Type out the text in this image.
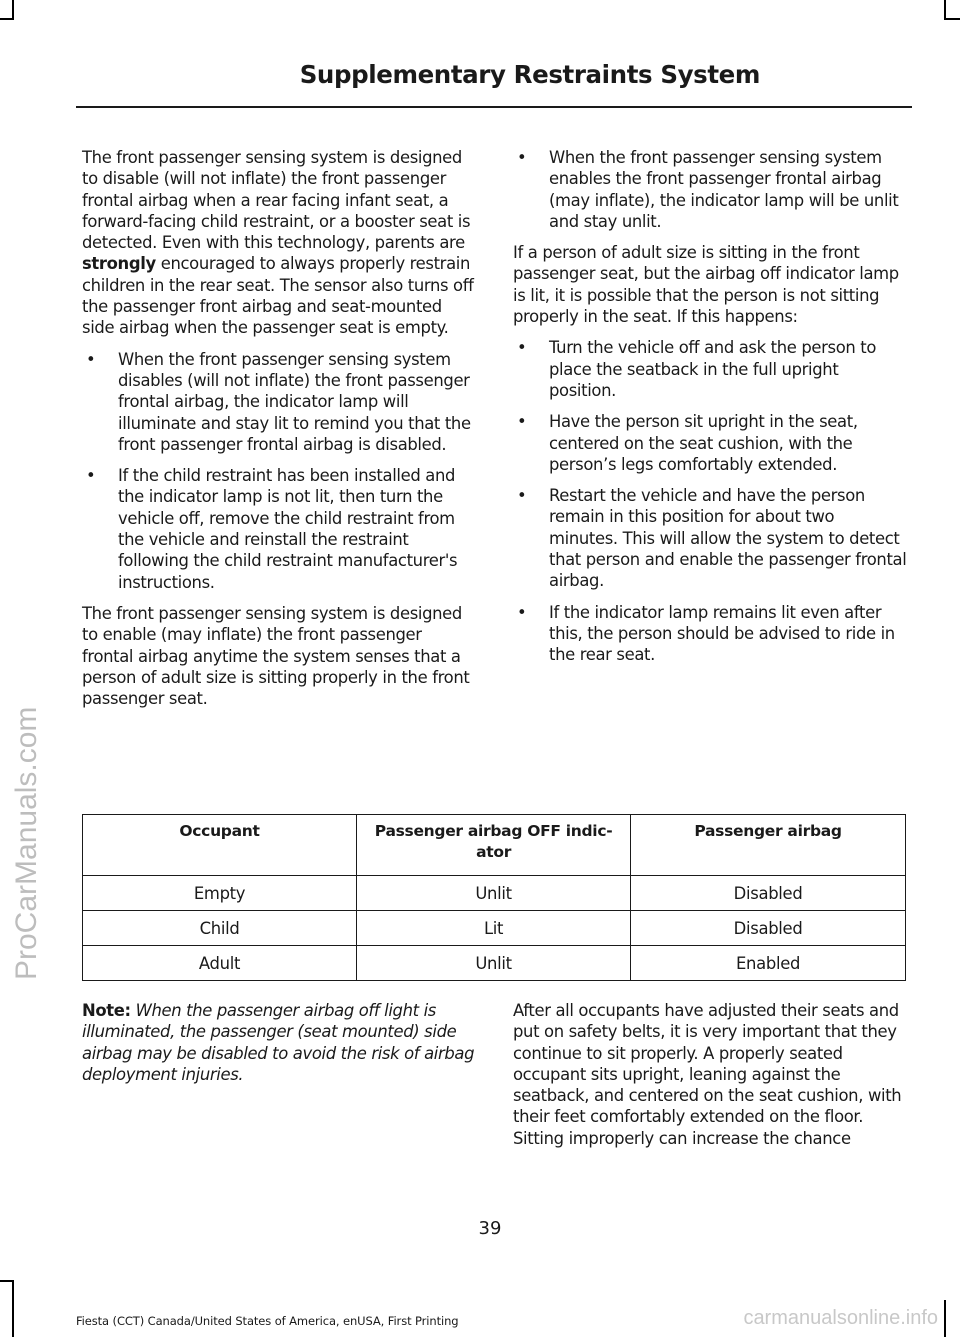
ProCarManuals.com
Supplementary Restraints System

The front passenger sensing system is designed to disable (will not inflate) the front passenger frontal airbag when a rear facing infant seat, a forward-facing child restraint, or a booster seat is detected. Even with this technology, parents are strongly encouraged to always properly restrain children in the rear seat. The sensor also turns off the passenger front airbag and seat-mounted side airbag when the passenger seat is empty.

• When the front passenger sensing system disables (will not inflate) the front passenger frontal airbag, the indicator lamp will illuminate and stay lit to remind you that the front passenger frontal airbag is disabled.
• If the child restraint has been installed and the indicator lamp is not lit, then turn the vehicle off, remove the child restraint from the vehicle and reinstall the restraint following the child restraint manufacturer's instructions.

The front passenger sensing system is designed to enable (may inflate) the front passenger frontal airbag anytime the system senses that a person of adult size is sitting properly in the front passenger seat.

• When the front passenger sensing system enables the front passenger frontal airbag (may inflate), the indicator lamp will be unlit and stay unlit.

If a person of adult size is sitting in the front passenger seat, but the airbag off indicator lamp is lit, it is possible that the person is not sitting properly in the seat. If this happens:

• Turn the vehicle off and ask the person to place the seatback in the full upright position.
• Have the person sit upright in the seat, centered on the seat cushion, with the person’s legs comfortably extended.
• Restart the vehicle and have the person remain in this position for about two minutes. This will allow the system to detect that person and enable the passenger frontal airbag.
• If the indicator lamp remains lit even after this, the person should be advised to ride in the rear seat.
Occupant	Passenger airbag OFF indic-ator	Passenger airbag
Empty	Unlit	Disabled
Child	Lit	Disabled
Adult	Unlit	Enabled
Note: When the passenger airbag off light is illuminated, the passenger (seat mounted) side airbag may be disabled to avoid the risk of airbag deployment injuries.
After all occupants have adjusted their seats and put on safety belts, it is very important that they continue to sit properly. A properly seated occupant sits upright, leaning against the seatback, and centered on the seat cushion, with their feet comfortably extended on the floor. Sitting improperly can increase the chance
39
Fiesta (CCT) Canada/United States of America, enUSA, First Printing	carmanualsonline.info
